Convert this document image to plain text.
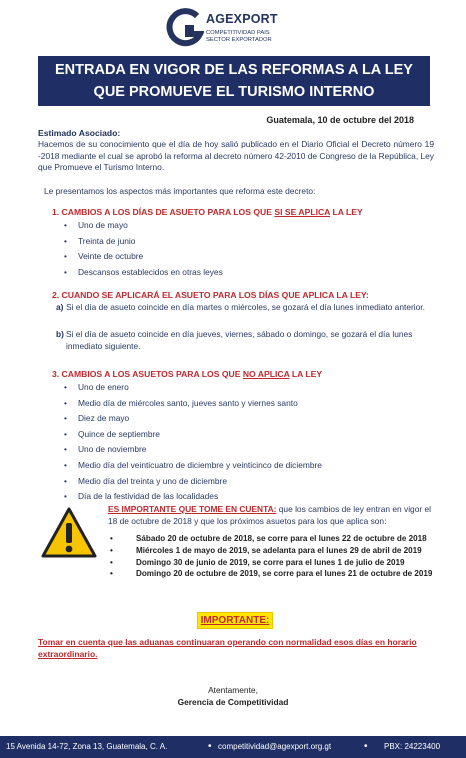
AGEXPORT
COMPETITIVIDAD PAIS
SECTOR EXPORTADOR
ENTRADA EN VIGOR DE LAS REFORMAS A LA LEY
QUE PROMUEVE EL TURISMO INTERNO
Guatemala, 10 de octubre del 2018
Estimado Asociado:
Hacemos de su conocimiento que el día de hoy salió publicado en el Diario Oficial el Decreto número 19 -2018 mediante el cual se aprobó la reforma al decreto número 42-2010 de Congreso de la República, Ley que Promueve el Turismo Interno.
Le presentamos los aspectos más importantes que reforma este decreto:
1. CAMBIOS A LOS DÍAS DE ASUETO PARA LOS QUE SI SE APLICA LA LEY
• Uno de mayo
• Treinta de junio
• Veinte de octubre
• Descansos establecidos en otras leyes
2. CUANDO SE APLICARÁ EL ASUETO PARA LOS DÍAS QUE APLICA LA LEY:
a) Si el día de asueto coincide en día martes o miércoles, se gozará el día lunes inmediato anterior.
b) Si el día de asueto coincide en día jueves, viernes, sábado o domingo, se gozará el día lunes inmediato siguiente.
3. CAMBIOS A LOS ASUETOS PARA LOS QUE NO APLICA LA LEY
• Uno de enero
• Medio día de miércoles santo, jueves santo y viernes santo
• Diez de mayo
• Quince de septiembre
• Uno de noviembre
• Medio día del veinticuatro de diciembre y veinticinco de diciembre
• Medio día del treinta y uno de diciembre
• Día de la festividad de las localidades
ES IMPORTANTE QUE TOME EN CUENTA: que los cambios de ley entran en vigor el 18 de octubre de 2018 y que los próximos asuetos para los que aplica son:
• Sábado 20 de octubre de 2018, se corre para el lunes 22 de octubre de 2018
• Miércoles 1 de mayo de 2019, se adelanta para el lunes 29 de abril de 2019
• Domingo 30 de junio de 2019, se corre para el lunes 1 de julio de 2019
• Domingo 20 de octubre de 2019, se corre para el lunes 21 de octubre de 2019
IMPORTANTE:
Tomar en cuenta que las aduanas continuaran operando con normalidad esos días en horario extraordinario.
Atentamente,
Gerencia de Competitividad
15 Avenida 14-72, Zona 13, Guatemala, C. A.	• competitividad@agexport.org.gt	• PBX: 24223400
